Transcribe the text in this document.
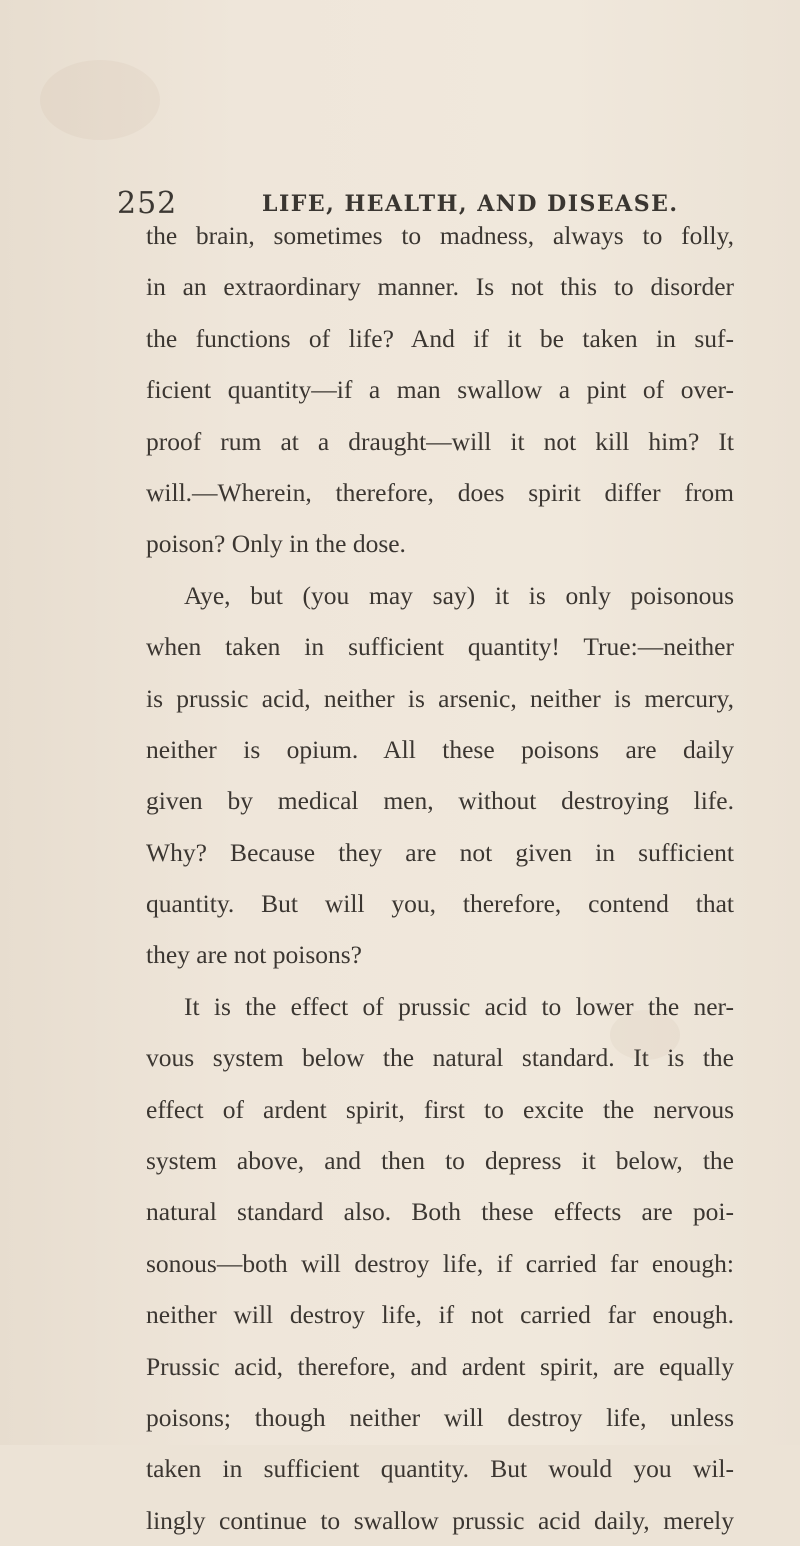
252	LIFE, HEALTH, AND DISEASE.
the brain, sometimes to madness, always to folly,
in an extraordinary manner. Is not this to disorder
the functions of life? And if it be taken in suf-
ficient quantity—if a man swallow a pint of over-
proof rum at a draught—will it not kill him? It
will.—Wherein, therefore, does spirit differ from
poison? Only in the dose.
Aye, but (you may say) it is only poisonous
when taken in sufficient quantity! True:—neither
is prussic acid, neither is arsenic, neither is mercury,
neither is opium. All these poisons are daily
given by medical men, without destroying life.
Why? Because they are not given in sufficient
quantity. But will you, therefore, contend that
they are not poisons?
It is the effect of prussic acid to lower the ner-
vous system below the natural standard. It is the
effect of ardent spirit, first to excite the nervous
system above, and then to depress it below, the
natural standard also. Both these effects are poi-
sonous—both will destroy life, if carried far enough:
neither will destroy life, if not carried far enough.
Prussic acid, therefore, and ardent spirit, are equally
poisons; though neither will destroy life, unless
taken in sufficient quantity. But would you wil-
lingly continue to swallow prussic acid daily, merely
